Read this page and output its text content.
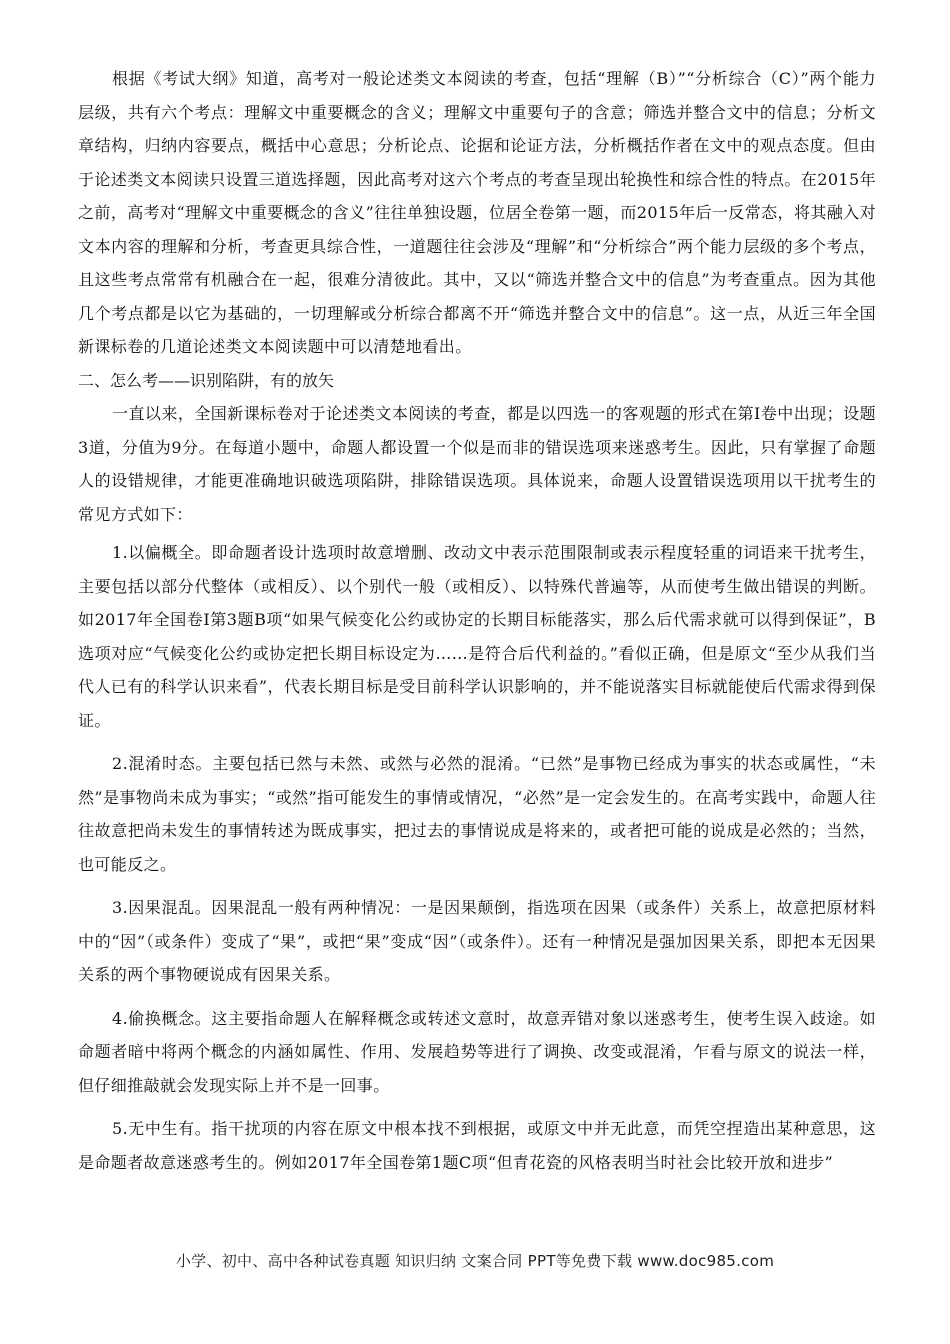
根据《考试大纲》知道，高考对一般论述类文本阅读的考查，包括“理解（B）”“分析综合（C）”两个能力层级，共有六个考点：理解文中重要概念的含义；理解文中重要句子的含意；筛选并整合文中的信息；分析文章结构，归纳内容要点，概括中心意思；分析论点、论据和论证方法，分析概括作者在文中的观点态度。但由于论述类文本阅读只设置三道选择题，因此高考对这六个考点的考查呈现出轮换性和综合性的特点。在2015年之前，高考对“理解文中重要概念的含义”往往单独设题，位居全卷第一题，而2015年后一反常态，将其融入对文本内容的理解和分析，考查更具综合性，一道题往往会涉及“理解”和“分析综合”两个能力层级的多个考点，且这些考点常常有机融合在一起，很难分清彼此。其中，又以“筛选并整合文中的信息”为考查重点。因为其他几个考点都是以它为基础的，一切理解或分析综合都离不开“筛选并整合文中的信息”。这一点，从近三年全国新课标卷的几道论述类文本阅读题中可以清楚地看出。

二、怎么考——识别陷阱，有的放矢

一直以来，全国新课标卷对于论述类文本阅读的考查，都是以四选一的客观题的形式在第Ⅰ卷中出现；设题3道，分值为9分。在每道小题中，命题人都设置一个似是而非的错误选项来迷惑考生。因此，只有掌握了命题人的设错规律，才能更准确地识破选项陷阱，排除错误选项。具体说来，命题人设置错误选项用以干扰考生的常见方式如下：

1.以偏概全。即命题者设计选项时故意增删、改动文中表示范围限制或表示程度轻重的词语来干扰考生，主要包括以部分代整体（或相反）、以个别代一般（或相反）、以特殊代普遍等，从而使考生做出错误的判断。如2017年全国卷Ⅰ第3题B项“如果气候变化公约或协定的长期目标能落实，那么后代需求就可以得到保证”，B选项对应“气候变化公约或协定把长期目标设定为……是符合后代利益的。”看似正确，但是原文“至少从我们当代人已有的科学认识来看”，代表长期目标是受目前科学认识影响的，并不能说落实目标就能使后代需求得到保证。

2.混淆时态。主要包括已然与未然、或然与必然的混淆。“已然”是事物已经成为事实的状态或属性，“未然”是事物尚未成为事实；“或然”指可能发生的事情或情况，“必然”是一定会发生的。在高考实践中，命题人往往故意把尚未发生的事情转述为既成事实，把过去的事情说成是将来的，或者把可能的说成是必然的；当然，也可能反之。

3.因果混乱。因果混乱一般有两种情况：一是因果颠倒，指选项在因果（或条件）关系上，故意把原材料中的“因”（或条件）变成了“果”，或把“果”变成“因”（或条件）。还有一种情况是强加因果关系，即把本无因果关系的两个事物硬说成有因果关系。

4.偷换概念。这主要指命题人在解释概念或转述文意时，故意弄错对象以迷惑考生，使考生误入歧途。如命题者暗中将两个概念的内涵如属性、作用、发展趋势等进行了调换、改变或混淆，乍看与原文的说法一样，但仔细推敲就会发现实际上并不是一回事。

5.无中生有。指干扰项的内容在原文中根本找不到根据，或原文中并无此意，而凭空捏造出某种意思，这是命题者故意迷惑考生的。例如2017年全国卷第1题C项“但青花瓷的风格表明当时社会比较开放和进步”

小学、初中、高中各种试卷真题 知识归纳 文案合同 PPT等免费下载 www.doc985.com
